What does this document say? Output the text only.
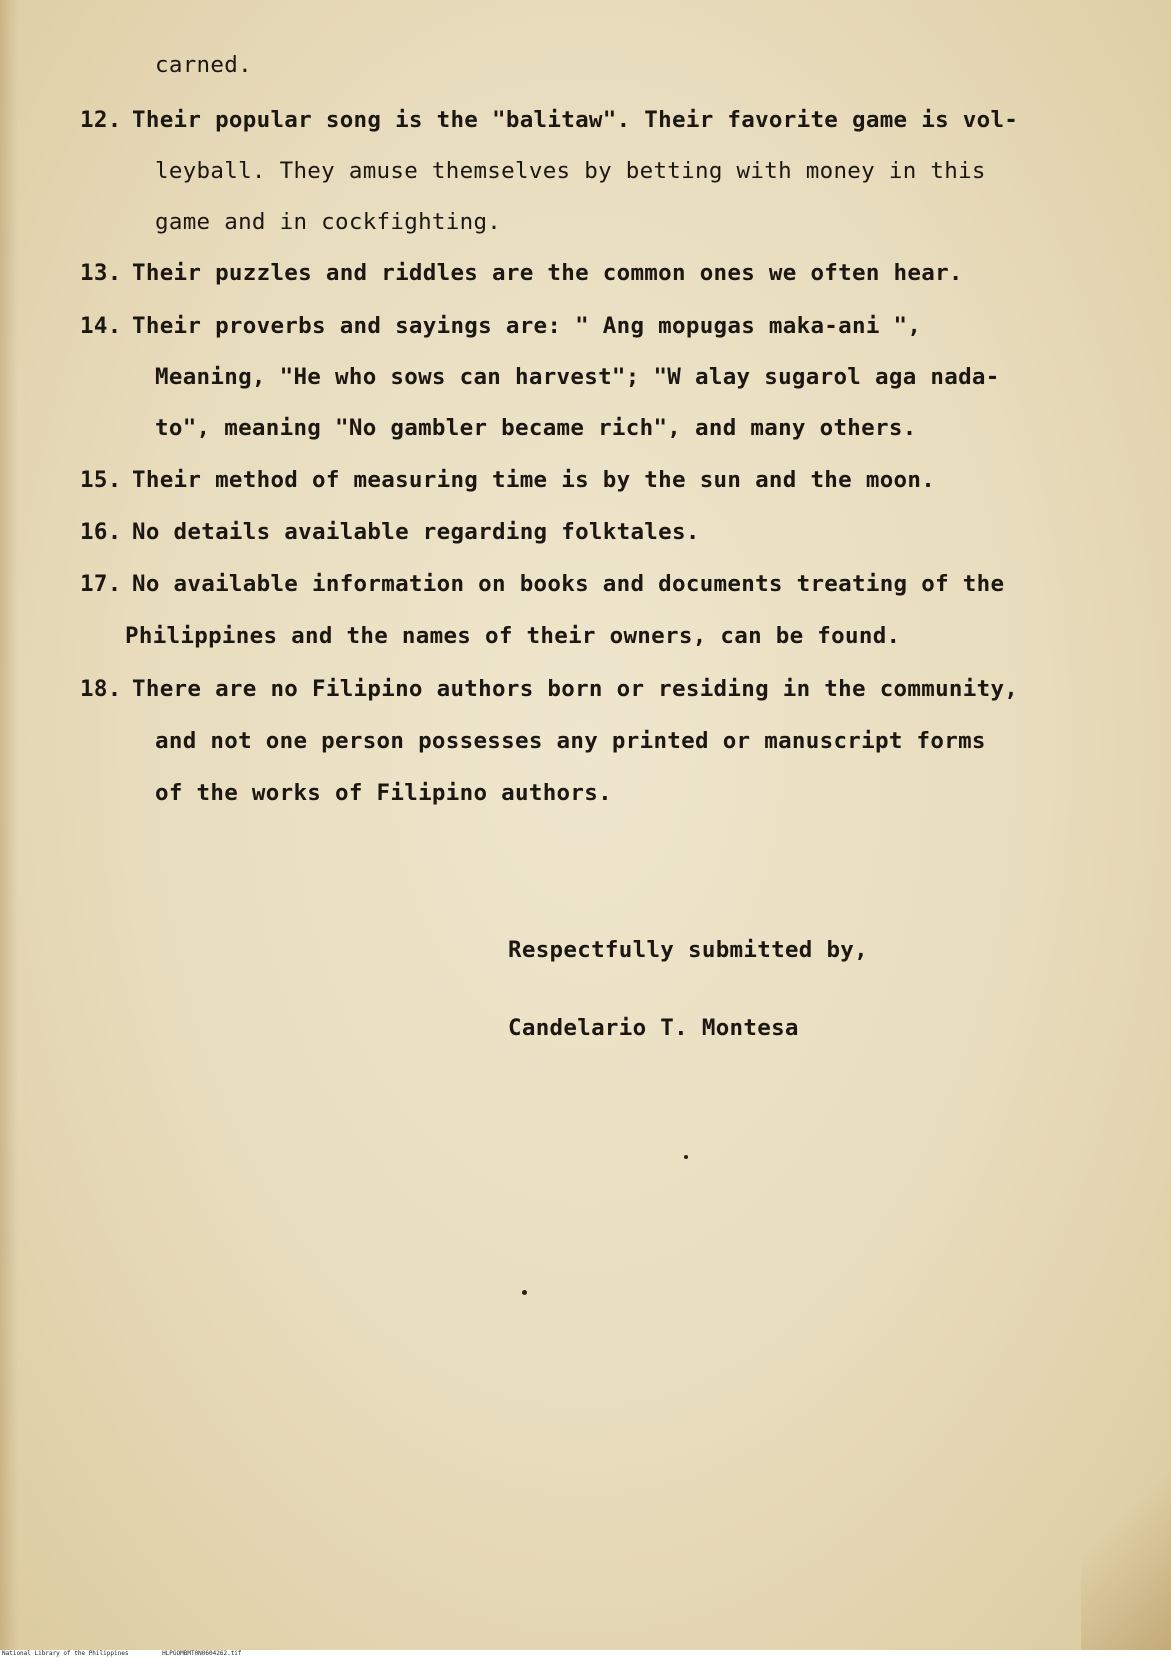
carned.
12. Their popular song is the "balitaw". Their favorite game is vol-
leyball. They amuse themselves by betting with money in this
game and in cockfighting.
13. Their puzzles and riddles are the common ones we often hear.
14. Their proverbs and sayings are: " Ang mopugas maka-ani ",
Meaning, "He who sows can harvest"; "W alay sugarol aga nada-
to", meaning "No gambler became rich", and many others.
15. Their method of measuring time is by the sun and the moon.
16. No details available regarding folktales.
17. No available information on books and documents treating of the
Philippines and the names of their owners, can be found.
18. There are no Filipino authors born or residing in the community,
and not one person possesses any printed or manuscript forms
of the works of Filipino authors.
Respectfully submitted by,
Candelario T. Montesa
National Library of the Philippines	HLPGOMBMT0N0604262.tif
